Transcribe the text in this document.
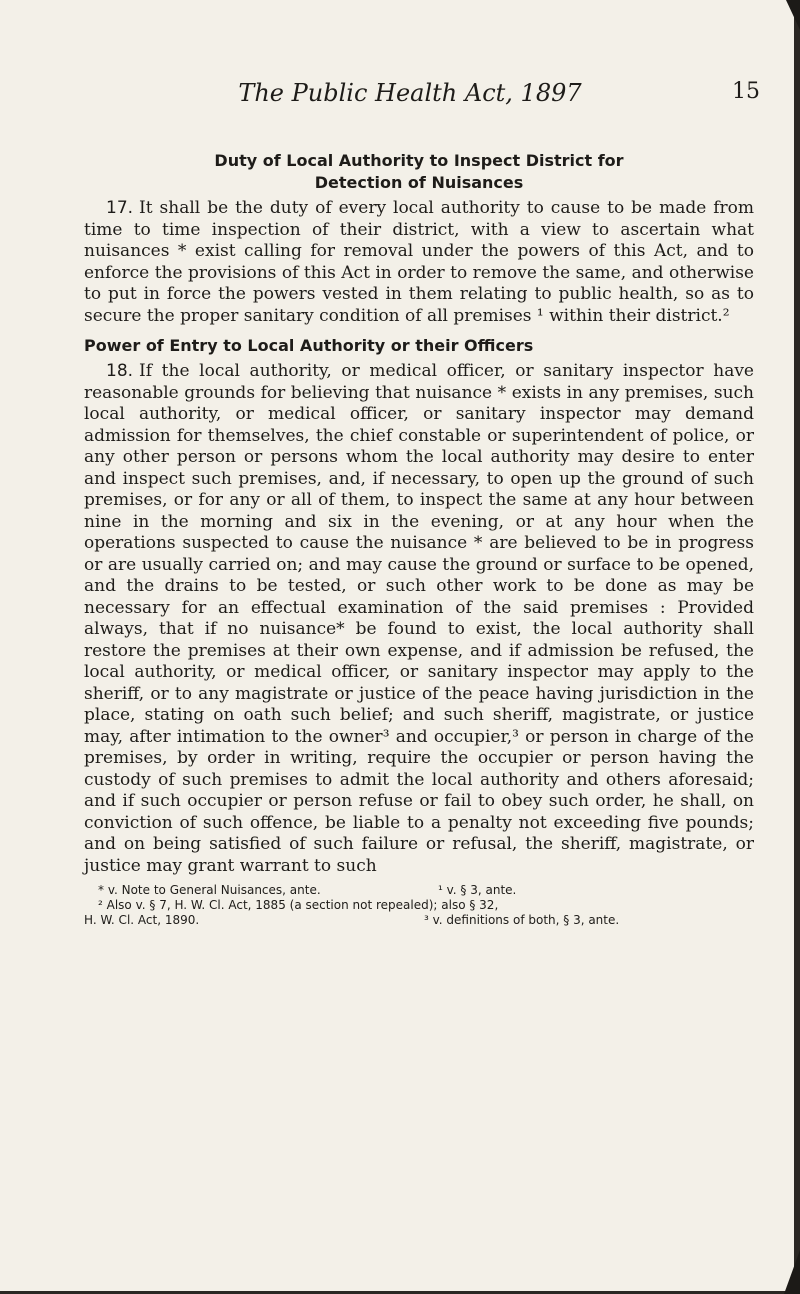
The Public Health Act, 1897	15

Duty of Local Authority to Inspect District for
Detection of Nuisances

17. It shall be the duty of every local authority to cause to be made from time to time inspection of their district, with a view to ascertain what nuisances * exist calling for removal under the powers of this Act, and to enforce the provisions of this Act in order to remove the same, and otherwise to put in force the powers vested in them relating to public health, so as to secure the proper sanitary condition of all premises ¹ within their district.²

Power of Entry to Local Authority or their Officers

18. If the local authority, or medical officer, or sanitary inspector have reasonable grounds for believing that nuisance * exists in any premises, such local authority, or medical officer, or sanitary inspector may demand admission for themselves, the chief constable or superintendent of police, or any other person or persons whom the local authority may desire to enter and inspect such premises, and, if necessary, to open up the ground of such premises, or for any or all of them, to inspect the same at any hour between nine in the morning and six in the evening, or at any hour when the operations suspected to cause the nuisance * are believed to be in progress or are usually carried on; and may cause the ground or surface to be opened, and the drains to be tested, or such other work to be done as may be necessary for an effectual examination of the said premises : Provided always, that if no nuisance* be found to exist, the local authority shall restore the premises at their own expense, and if admission be refused, the local authority, or medical officer, or sanitary inspector may apply to the sheriff, or to any magistrate or justice of the peace having jurisdiction in the place, stating on oath such belief; and such sheriff, magistrate, or justice may, after intimation to the owner³ and occupier,³ or person in charge of the premises, by order in writing, require the occupier or person having the custody of such premises to admit the local authority and others aforesaid; and if such occupier or person refuse or fail to obey such order, he shall, on conviction of such offence, be liable to a penalty not exceeding five pounds; and on being satisfied of such failure or refusal, the sheriff, magistrate, or justice may grant warrant to such

* v. Note to General Nuisances, ante.	¹ v. § 3, ante.
² Also v. § 7, H. W. Cl. Act, 1885 (a section not repealed); also § 32,
H. W. Cl. Act, 1890.	³ v. definitions of both, § 3, ante.
